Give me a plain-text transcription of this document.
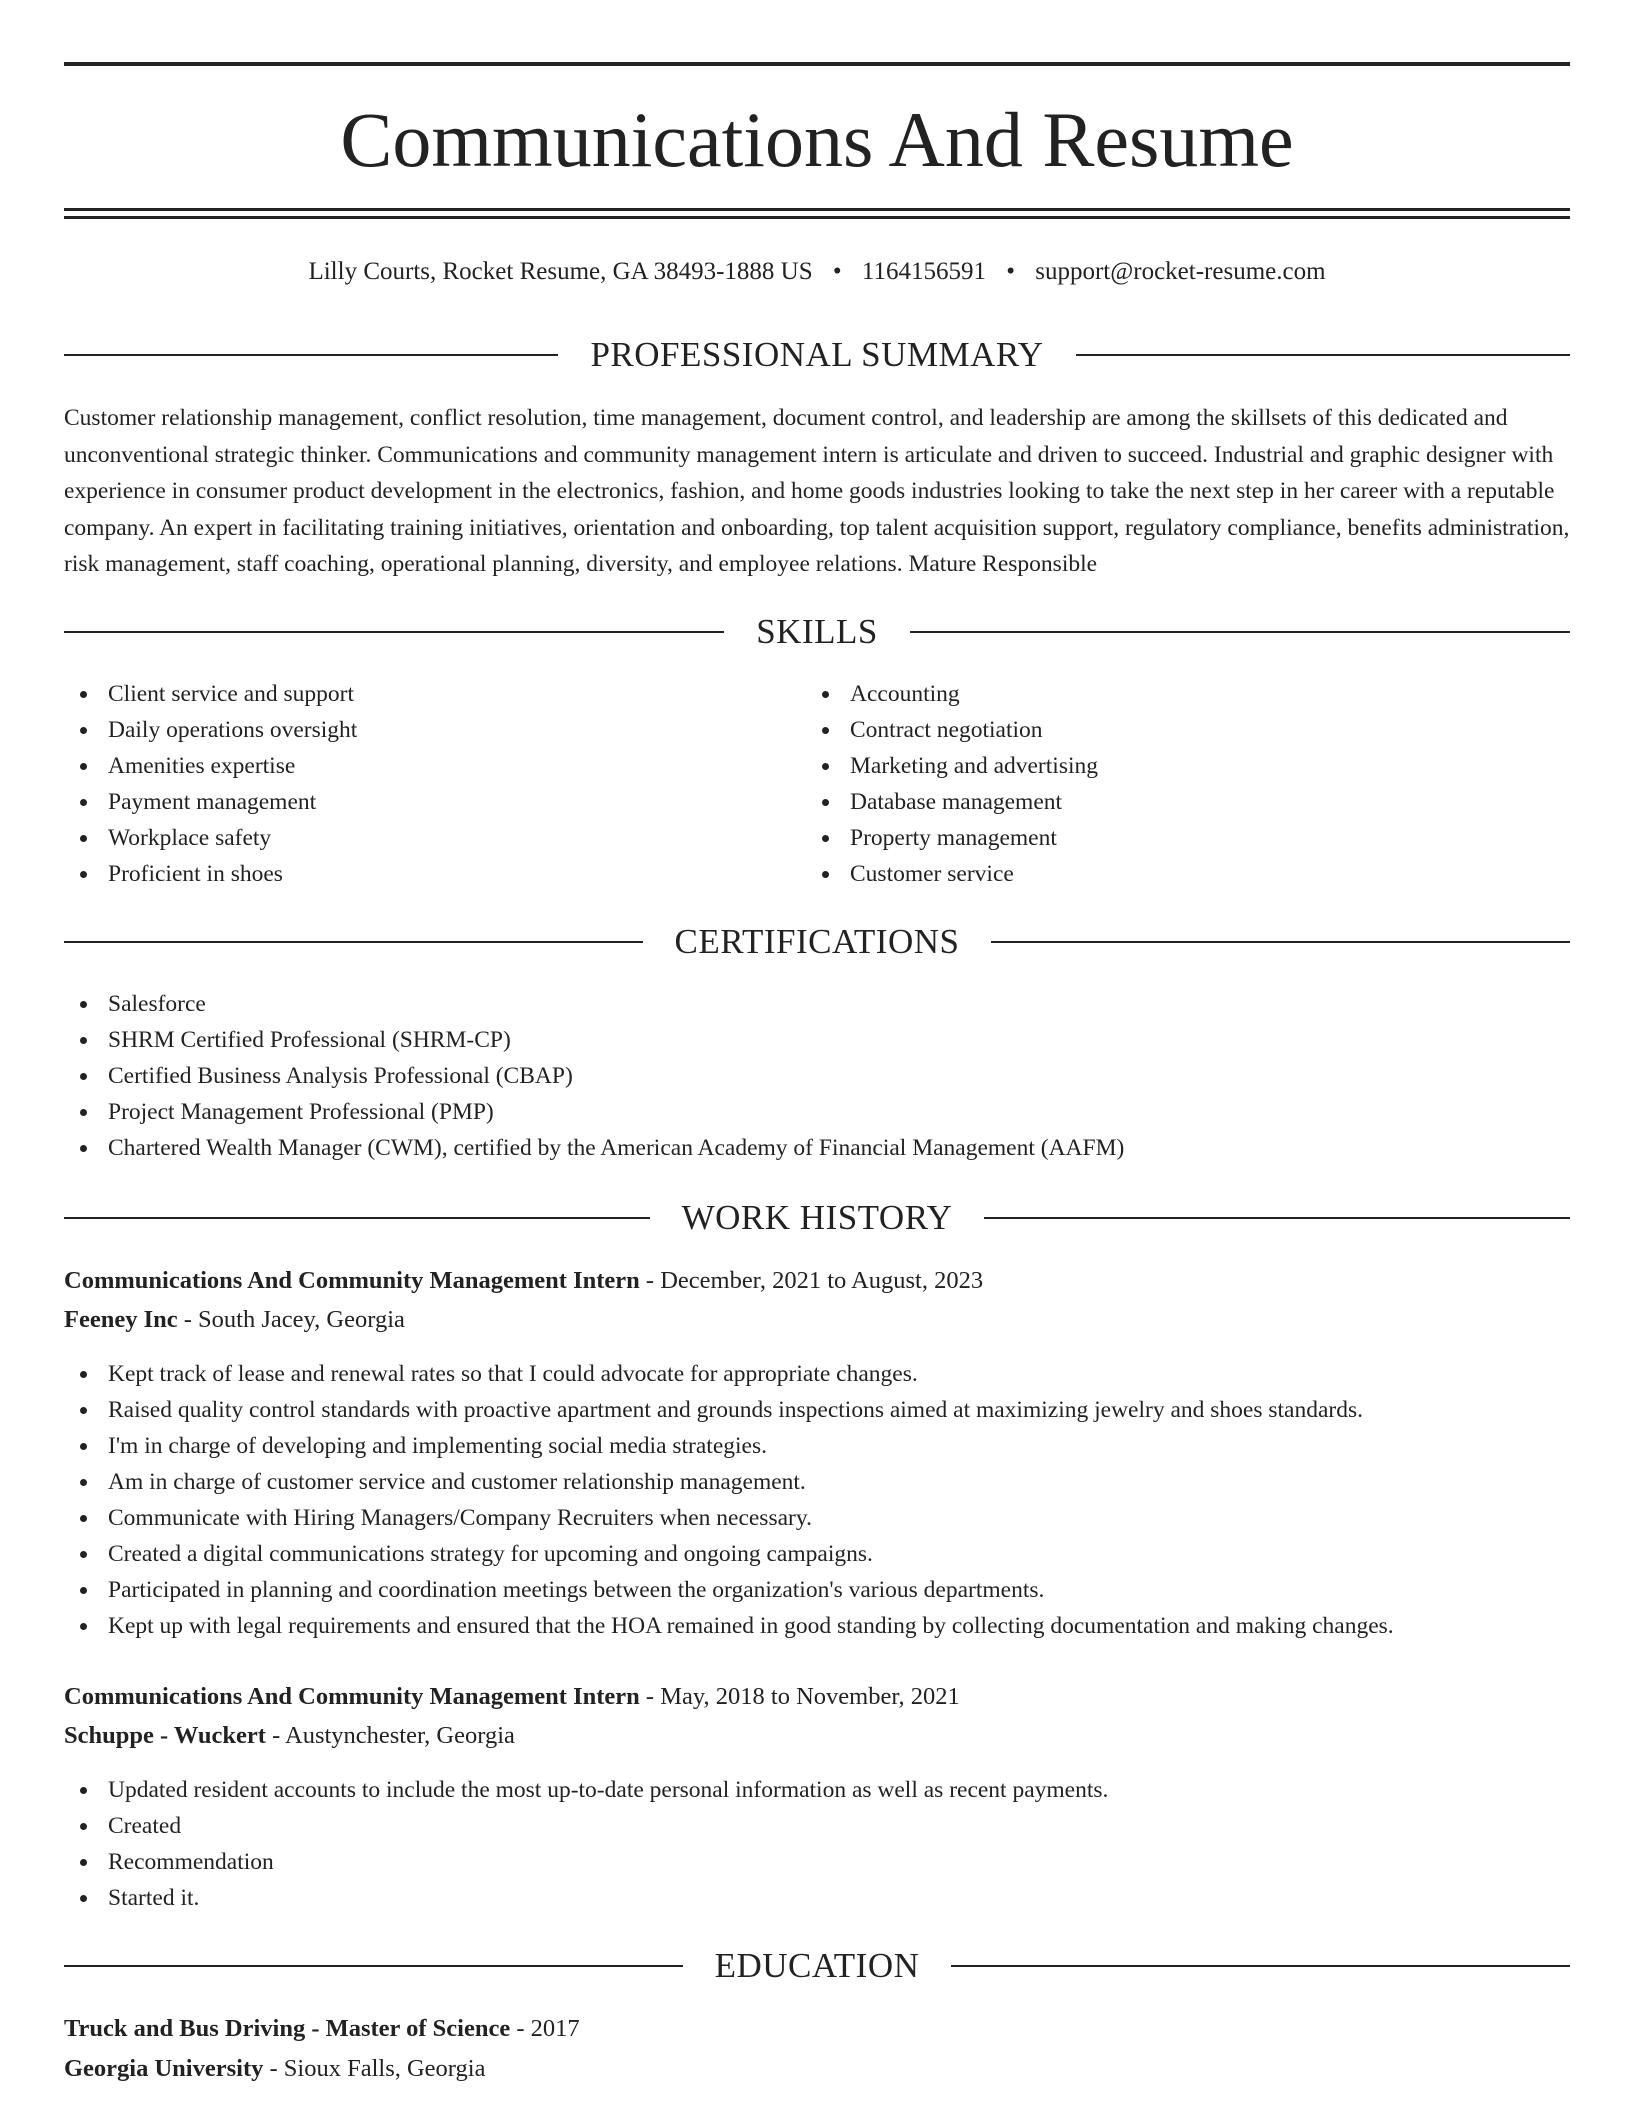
Communications And Resume
Lilly Courts, Rocket Resume, GA 38493-1888 US • 1164156591 • support@rocket-resume.com
PROFESSIONAL SUMMARY

Customer relationship management, conflict resolution, time management, document control, and leadership are among the skillsets of this dedicated and unconventional strategic thinker. Communications and community management intern is articulate and driven to succeed. Industrial and graphic designer with experience in consumer product development in the electronics, fashion, and home goods industries looking to take the next step in her career with a reputable company. An expert in facilitating training initiatives, orientation and onboarding, top talent acquisition support, regulatory compliance, benefits administration, risk management, staff coaching, operational planning, diversity, and employee relations. Mature Responsible

SKILLS
Client service and support
Daily operations oversight
Amenities expertise
Payment management
Workplace safety
Proficient in shoes
Accounting
Contract negotiation
Marketing and advertising
Database management
Property management
Customer service
CERTIFICATIONS
Salesforce
SHRM Certified Professional (SHRM-CP)
Certified Business Analysis Professional (CBAP)
Project Management Professional (PMP)
Chartered Wealth Manager (CWM), certified by the American Academy of Financial Management (AAFM)
WORK HISTORY
Communications And Community Management Intern - December, 2021 to August, 2023
Feeney Inc - South Jacey, Georgia
Kept track of lease and renewal rates so that I could advocate for appropriate changes.
Raised quality control standards with proactive apartment and grounds inspections aimed at maximizing jewelry and shoes standards.
I'm in charge of developing and implementing social media strategies.
Am in charge of customer service and customer relationship management.
Communicate with Hiring Managers/Company Recruiters when necessary.
Created a digital communications strategy for upcoming and ongoing campaigns.
Participated in planning and coordination meetings between the organization's various departments.
Kept up with legal requirements and ensured that the HOA remained in good standing by collecting documentation and making changes.
Communications And Community Management Intern - May, 2018 to November, 2021
Schuppe - Wuckert - Austynchester, Georgia
Updated resident accounts to include the most up-to-date personal information as well as recent payments.
Created
Recommendation
Started it.
EDUCATION
Truck and Bus Driving - Master of Science - 2017
Georgia University - Sioux Falls, Georgia
